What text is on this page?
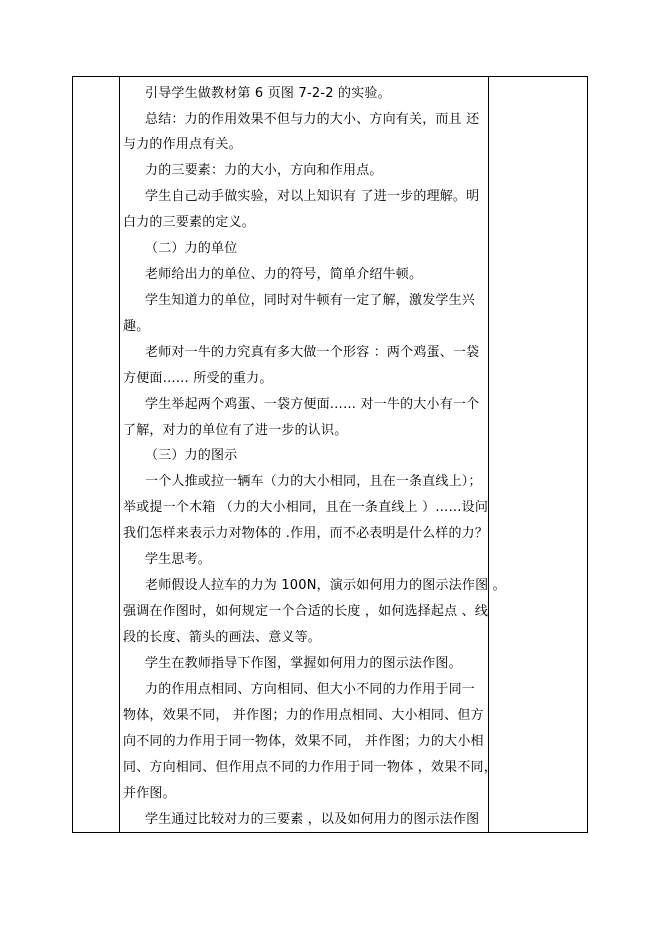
引导学生做教材第 6 页图 7-2-2 的实验。
总结：力的作用效果不但与力的大小、方向有关，而且 还
与力的作用点有关。
力的三要素：力的大小，方向和作用点。
学生自己动手做实验，对以上知识有 了进一步的理解。明
白力的三要素的定义。
（二）力的单位
老师给出力的单位、力的符号，简单介绍牛顿。
学生知道力的单位，同时对牛顿有一定了解，激发学生兴
趣。
老师对一牛的力究真有多大做一个形容 ：两个鸡蛋、一袋
方便面…… 所受的重力。
学生举起两个鸡蛋、一袋方便面…… 对一牛的大小有一个
了解，对力的单位有了进一步的认识。
（三）力的图示
一个人推或拉一辆车（力的大小相同，且在一条直线上）；
举或提一个木箱 （力的大小相同，且在一条直线上 ）……设问
我们怎样来表示力对物体的 .作用，而不必表明是什么样的力？
学生思考。
老师假设人拉车的力为 100N，演示如何用力的图示法作图 。
强调在作图时，如何规定一个合适的长度 ，如何选择起点 、线
段的长度、箭头的画法、意义等。
学生在教师指导下作图，掌握如何用力的图示法作图。
力的作用点相同、方向相同、但大小不同的力作用于同一
物体，效果不同， 并作图；力的作用点相同、大小相同、但方
向不同的力作用于同一物体，效果不同， 并作图；力的大小相
同、方向相同、但作用点不同的力作用于同一物体 ，效果不同，
并作图。
学生通过比较对力的三要素 ，以及如何用力的图示法作图
